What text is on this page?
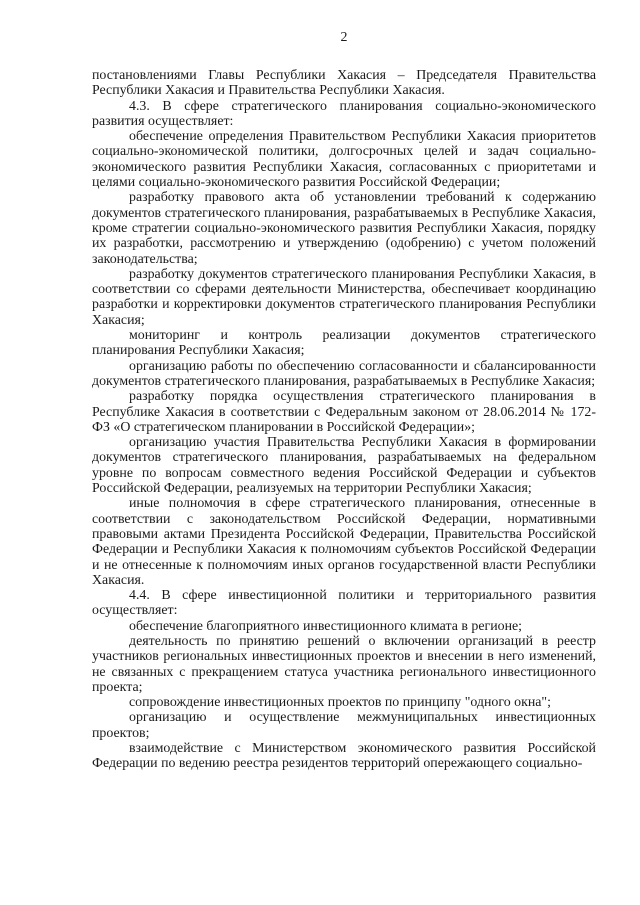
2

постановлениями Главы Республики Хакасия – Председателя Правительства Республики Хакасия и Правительства Республики Хакасия.

4.3. В сфере стратегического планирования социально-экономического развития осуществляет:

обеспечение определения Правительством Республики Хакасия приоритетов социально-экономической политики, долгосрочных целей и задач социально-экономического развития Республики Хакасия, согласованных с приоритетами и целями социально-экономического развития Российской Федерации;

разработку правового акта об установлении требований к содержанию документов стратегического планирования, разрабатываемых в Республике Хакасия, кроме стратегии социально-экономического развития Республики Хакасия, порядку их разработки, рассмотрению и утверждению (одобрению) с учетом положений законодательства;

разработку документов стратегического планирования Республики Хакасия, в соответствии со сферами деятельности Министерства, обеспечивает координацию разработки и корректировки документов стратегического планирования Республики Хакасия;

мониторинг и контроль реализации документов стратегического планирования Республики Хакасия;

организацию работы по обеспечению согласованности и сбалансированности документов стратегического планирования, разрабатываемых в Республике Хакасия;

разработку порядка осуществления стратегического планирования в Республике Хакасия в соответствии с Федеральным законом от 28.06.2014 № 172-ФЗ «О стратегическом планировании в Российской Федерации»;

организацию участия Правительства Республики Хакасия в формировании документов стратегического планирования, разрабатываемых на федеральном уровне по вопросам совместного ведения Российской Федерации и субъектов Российской Федерации, реализуемых на территории Республики Хакасия;

иные полномочия в сфере стратегического планирования, отнесенные в соответствии с законодательством Российской Федерации, нормативными правовыми актами Президента Российской Федерации, Правительства Российской Федерации и Республики Хакасия к полномочиям субъектов Российской Федерации и не отнесенные к полномочиям иных органов государственной власти Республики Хакасия.

4.4. В сфере инвестиционной политики и территориального развития осуществляет:

обеспечение благоприятного инвестиционного климата в регионе;

деятельность по принятию решений о включении организаций в реестр участников региональных инвестиционных проектов и внесении в него изменений, не связанных с прекращением статуса участника регионального инвестиционного проекта;

сопровождение инвестиционных проектов по принципу "одного окна";

организацию и осуществление межмуниципальных инвестиционных проектов;

взаимодействие с Министерством экономического развития Российской Федерации по ведению реестра резидентов территорий опережающего социально-
